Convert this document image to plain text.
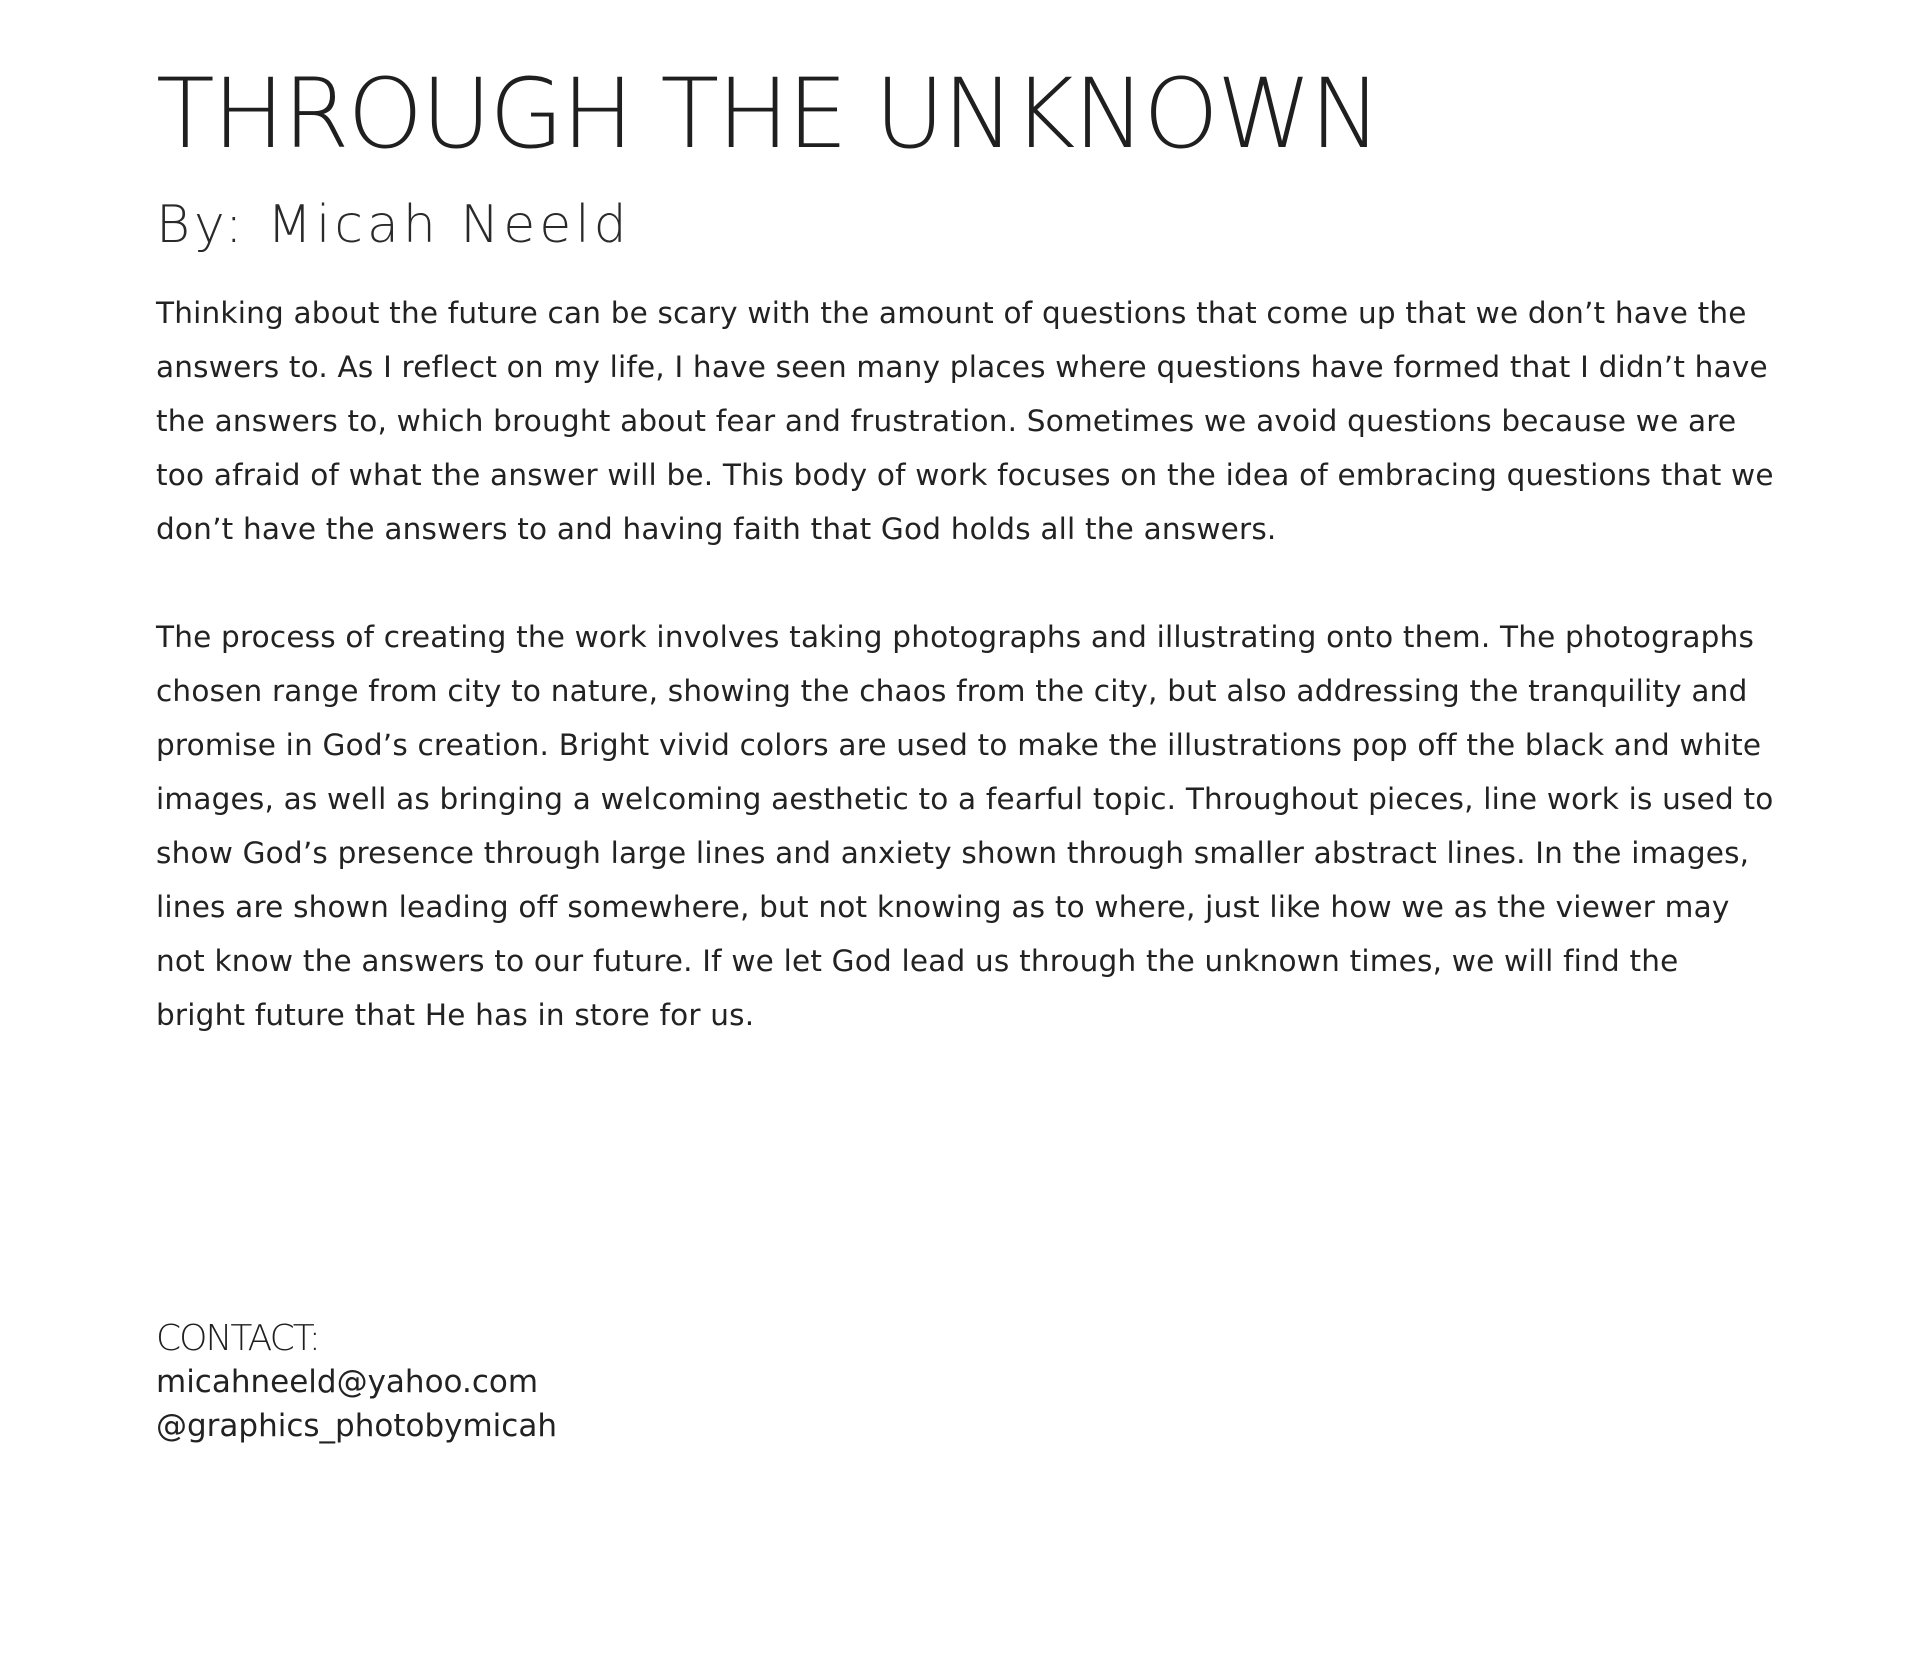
THROUGH THE UNKNOWN
By: Micah Neeld

Thinking about the future can be scary with the amount of questions that come up that we don’t have the answers to. As I reflect on my life, I have seen many places where questions have formed that I didn’t have the answers to, which brought about fear and frustration. Sometimes we avoid questions because we are too afraid of what the answer will be. This body of work focuses on the idea of embracing questions that we don’t have the answers to and having faith that God holds all the answers.

The process of creating the work involves taking photographs and illustrating onto them. The photographs chosen range from city to nature, showing the chaos from the city, but also addressing the tranquility and promise in God’s creation. Bright vivid colors are used to make the illustrations pop off the black and white images, as well as bringing a welcoming aesthetic to a fearful topic. Throughout pieces, line work is used to show God’s presence through large lines and anxiety shown through smaller abstract lines. In the images, lines are shown leading off somewhere, but not knowing as to where, just like how we as the viewer may not know the answers to our future. If we let God lead us through the unknown times, we will find the bright future that He has in store for us.

CONTACT:

micahneeld@yahoo.com

@graphics_photobymicah
